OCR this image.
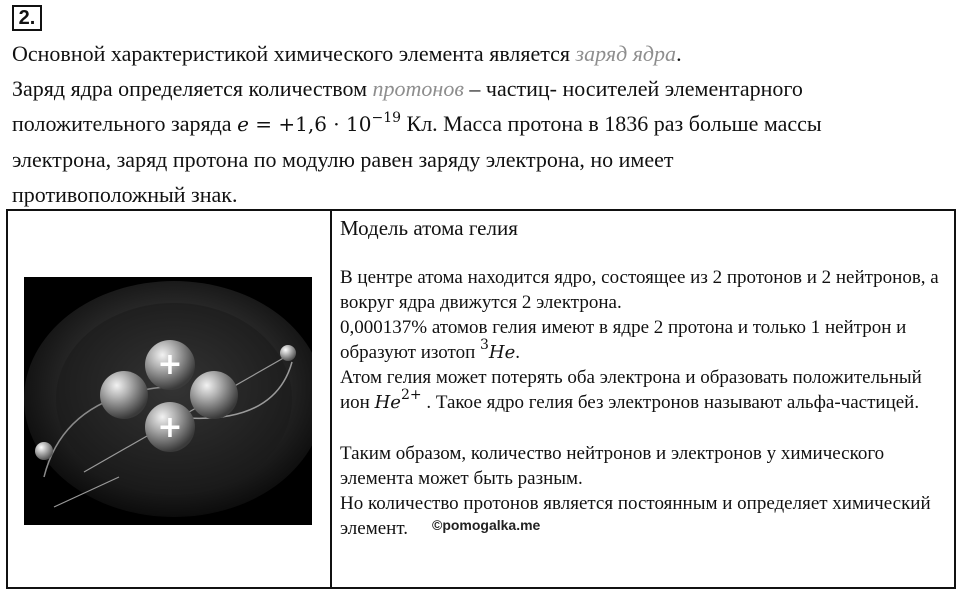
2.
Основной характеристикой химического элемента является заряд ядра.
Заряд ядра определяется количеством протонов – частиц- носителей элементарного
положительного заряда $e = +1,6 \cdot 10^{-19}$ Кл. Масса протона в 1836 раз больше массы
электрона, заряд протона по модулю равен заряду электрона, но имеет
противоположный знак.
+
+

Модель атома гелия

В центре атома находится ядро, состоящее из 2 протонов и 2 нейтронов, а вокруг ядра движутся 2 электрона.

0,000137% атомов гелия имеют в ядре 2 протона и только 1 нейтрон и образуют изотоп $^3$He.

Атом гелия может потерять оба электрона и образовать положительный ион $He^{2+}$ . Такое ядро гелия без электронов называют альфа-частицей.

Таким образом, количество нейтронов и электронов у химического элемента может быть разным.

Но количество протонов является постоянным и определяет химический элемент.	©pomogalka.me
